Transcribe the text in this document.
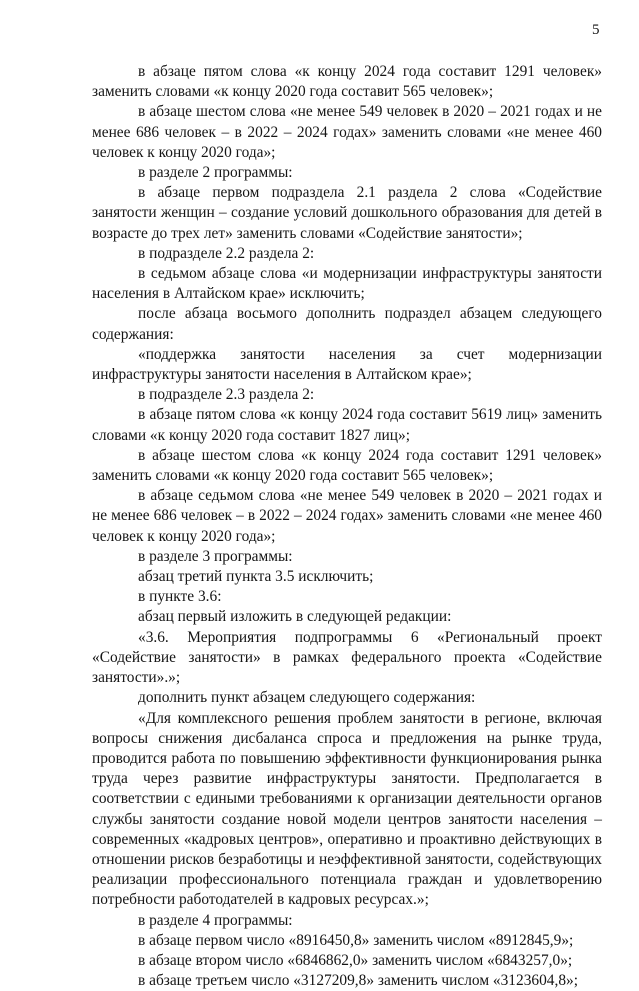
5

в абзаце пятом слова «к концу 2024 года составит 1291 человек» заменить словами «к концу 2020 года составит 565 человек»;

в абзаце шестом слова «не менее 549 человек в 2020 – 2021 годах и не менее 686 человек – в 2022 – 2024 годах» заменить словами «не менее 460 человек к концу 2020 года»;

в разделе 2 программы:

в абзаце первом подраздела 2.1 раздела 2 слова «Содействие занятости женщин – создание условий дошкольного образования для детей в возрасте до трех лет» заменить словами «Содействие занятости»;

в подразделе 2.2 раздела 2:

в седьмом абзаце слова «и модернизации инфраструктуры занятости населения в Алтайском крае» исключить;

после абзаца восьмого дополнить подраздел абзацем следующего содержания:

«поддержка занятости населения за счет модернизации инфраструктуры занятости населения в Алтайском крае»;

в подразделе 2.3 раздела 2:

в абзаце пятом слова «к концу 2024 года составит 5619 лиц» заменить словами «к концу 2020 года составит 1827 лиц»;

в абзаце шестом слова «к концу 2024 года составит 1291 человек» заменить словами «к концу 2020 года составит 565 человек»;

в абзаце седьмом слова «не менее 549 человек в 2020 – 2021 годах и не менее 686 человек – в 2022 – 2024 годах» заменить словами «не менее 460 человек к концу 2020 года»;

в разделе 3 программы:

абзац третий пункта 3.5 исключить;

в пункте 3.6:

абзац первый изложить в следующей редакции:

«3.6. Мероприятия подпрограммы 6 «Региональный проект «Содействие занятости» в рамках федерального проекта «Содействие занятости».»;

дополнить пункт абзацем следующего содержания:

«Для комплексного решения проблем занятости в регионе, включая вопросы снижения дисбаланса спроса и предложения на рынке труда, проводится работа по повышению эффективности функционирования рынка труда через развитие инфраструктуры занятости. Предполагается в соответствии с едиными требованиями к организации деятельности органов службы занятости создание новой модели центров занятости населения – современных «кадровых центров», оперативно и проактивно действующих в отношении рисков безработицы и неэффективной занятости, содействующих реализации профессионального потенциала граждан и удовлетворению потребности работодателей в кадровых ресурсах.»;

в разделе 4 программы:

в абзаце первом число «8916450,8» заменить числом «8912845,9»;

в абзаце втором число «6846862,0» заменить числом «6843257,0»;

в абзаце третьем число «3127209,8» заменить числом «3123604,8»;
